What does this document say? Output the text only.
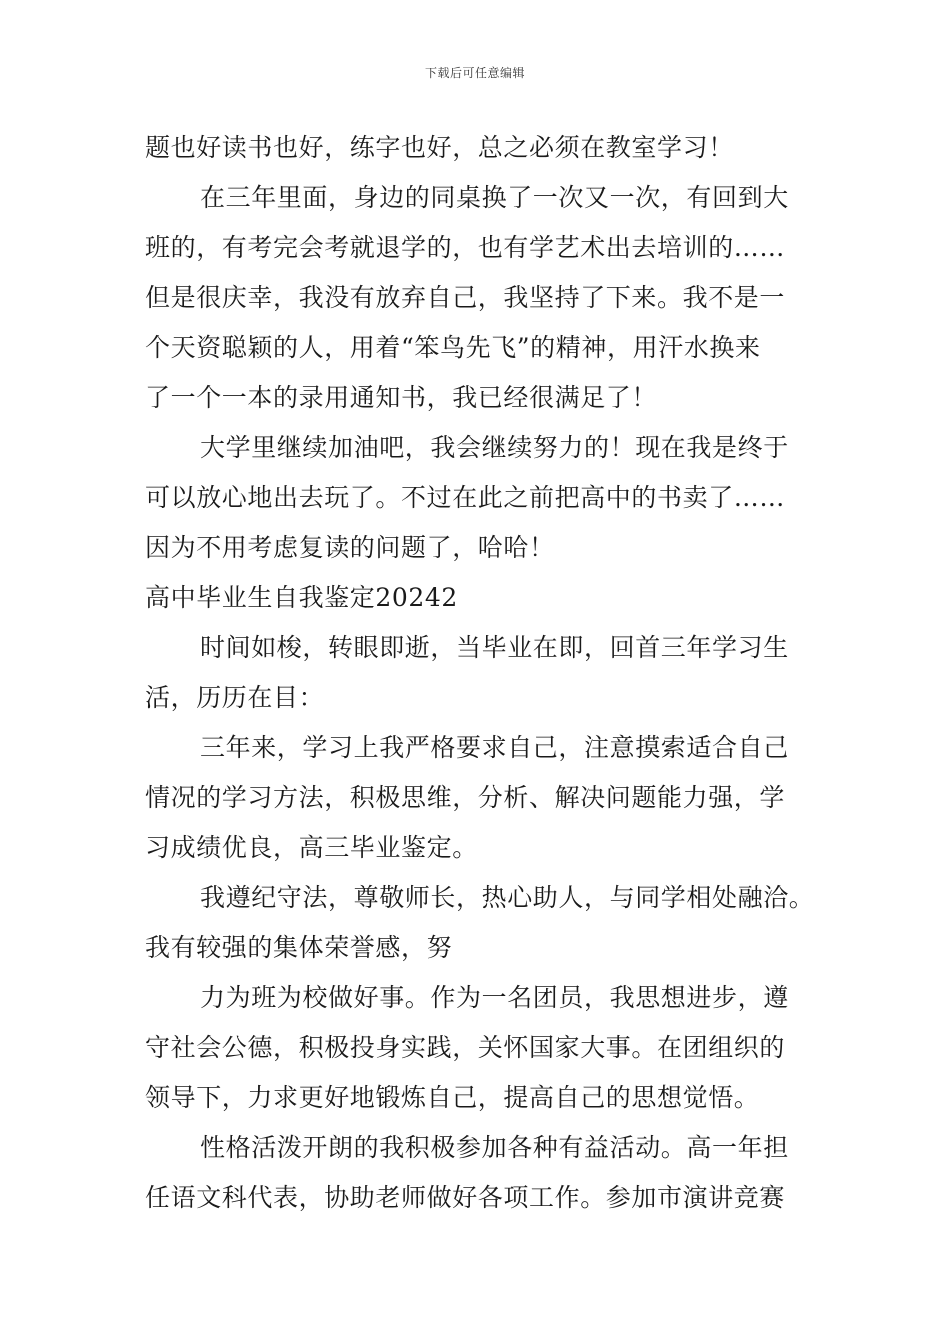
下载后可任意编辑
题也好读书也好，练字也好，总之必须在教室学习！
在三年里面，身边的同桌换了一次又一次，有回到大
班的，有考完会考就退学的，也有学艺术出去培训的……
但是很庆幸，我没有放弃自己，我坚持了下来。我不是一
个天资聪颖的人，用着“笨鸟先飞”的精神，用汗水换来
了一个一本的录用通知书，我已经很满足了！
大学里继续加油吧，我会继续努力的！现在我是终于
可以放心地出去玩了。不过在此之前把高中的书卖了……
因为不用考虑复读的问题了，哈哈！
高中毕业生自我鉴定20242
时间如梭，转眼即逝，当毕业在即，回首三年学习生
活，历历在目：
三年来，学习上我严格要求自己，注意摸索适合自己
情况的学习方法，积极思维，分析、解决问题能力强，学
习成绩优良，高三毕业鉴定。
我遵纪守法，尊敬师长，热心助人，与同学相处融洽。
我有较强的集体荣誉感，努
力为班为校做好事。作为一名团员，我思想进步，遵
守社会公德，积极投身实践，关怀国家大事。在团组织的
领导下，力求更好地锻炼自己，提高自己的思想觉悟。
性格活泼开朗的我积极参加各种有益活动。高一年担
任语文科代表，协助老师做好各项工作。参加市演讲竞赛
